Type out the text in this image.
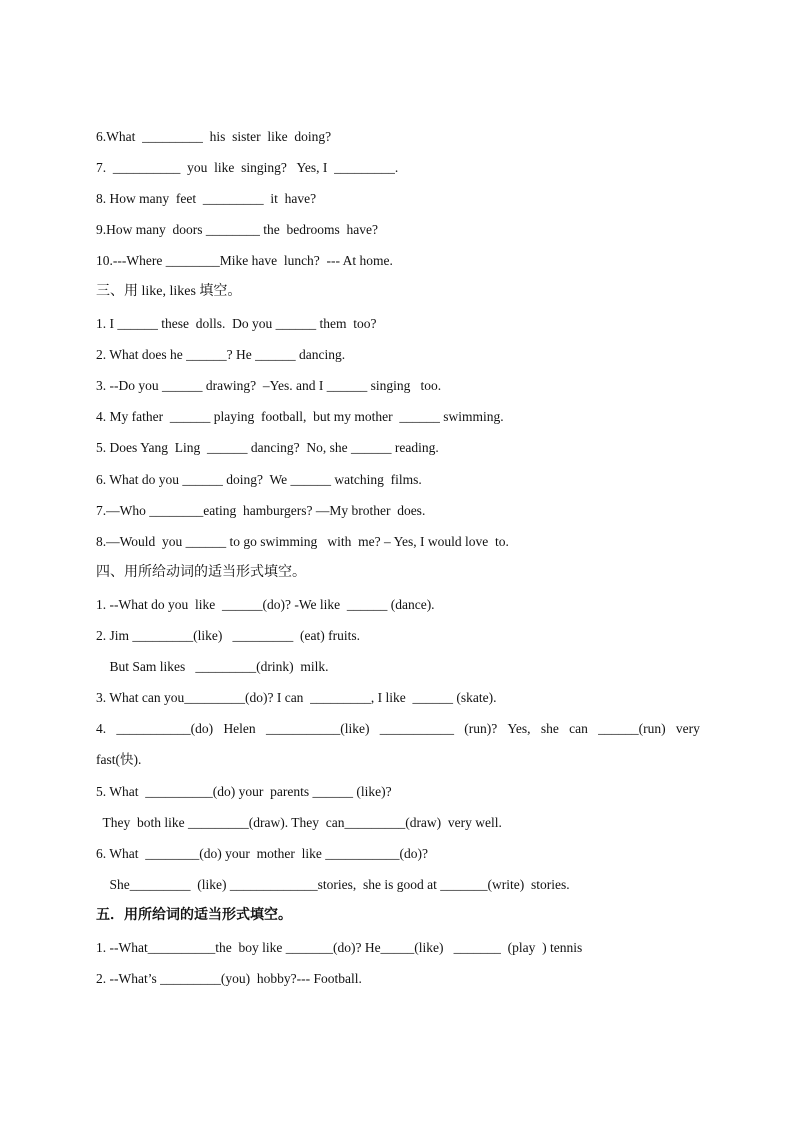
6.What  _________  his  sister  like  doing?
7.  __________  you  like  singing?   Yes, I  _________.
8. How many  feet  _________  it  have?
9.How many  doors ________ the  bedrooms  have?
10.---Where ________Mike have  lunch?  --- At home.
三、用 like, likes 填空。
1. I ______ these  dolls.  Do you ______ them  too?
2. What does he ______? He ______ dancing.
3. --Do you ______ drawing?  –Yes. and I ______ singing   too.
4. My father  ______ playing  football,  but my mother  ______ swimming.
5. Does Yang  Ling  ______ dancing?  No, she ______ reading.
6. What do you ______ doing?  We ______ watching  films.
7.—Who ________eating  hamburgers? —My brother  does.
8.—Would  you ______ to go swimming   with  me? – Yes, I would love  to.
四、用所给动词的适当形式填空。
1. --What do you  like  ______(do)? -We like  ______ (dance).
2. Jim _________(like)   _________  (eat) fruits.
But Sam likes   _________(drink)  milk.
3. What can you_________(do)? I can  _________, I like  ______ (skate).
4. ___________(do) Helen ___________(like) ___________ (run)? Yes, she can ______(run) very
fast(快).
5. What  __________(do) your  parents ______ (like)?
They  both like _________(draw). They  can_________(draw)  very well.
6. What  ________(do) your  mother  like ___________(do)?
She_________  (like) _____________stories,  she is good at _______(write)  stories.
五．用所给词的适当形式填空。
1. --What__________the  boy like _______(do)? He_____(like)   _______  (play  ) tennis
2. --What’s _________(you)  hobby?--- Football.
